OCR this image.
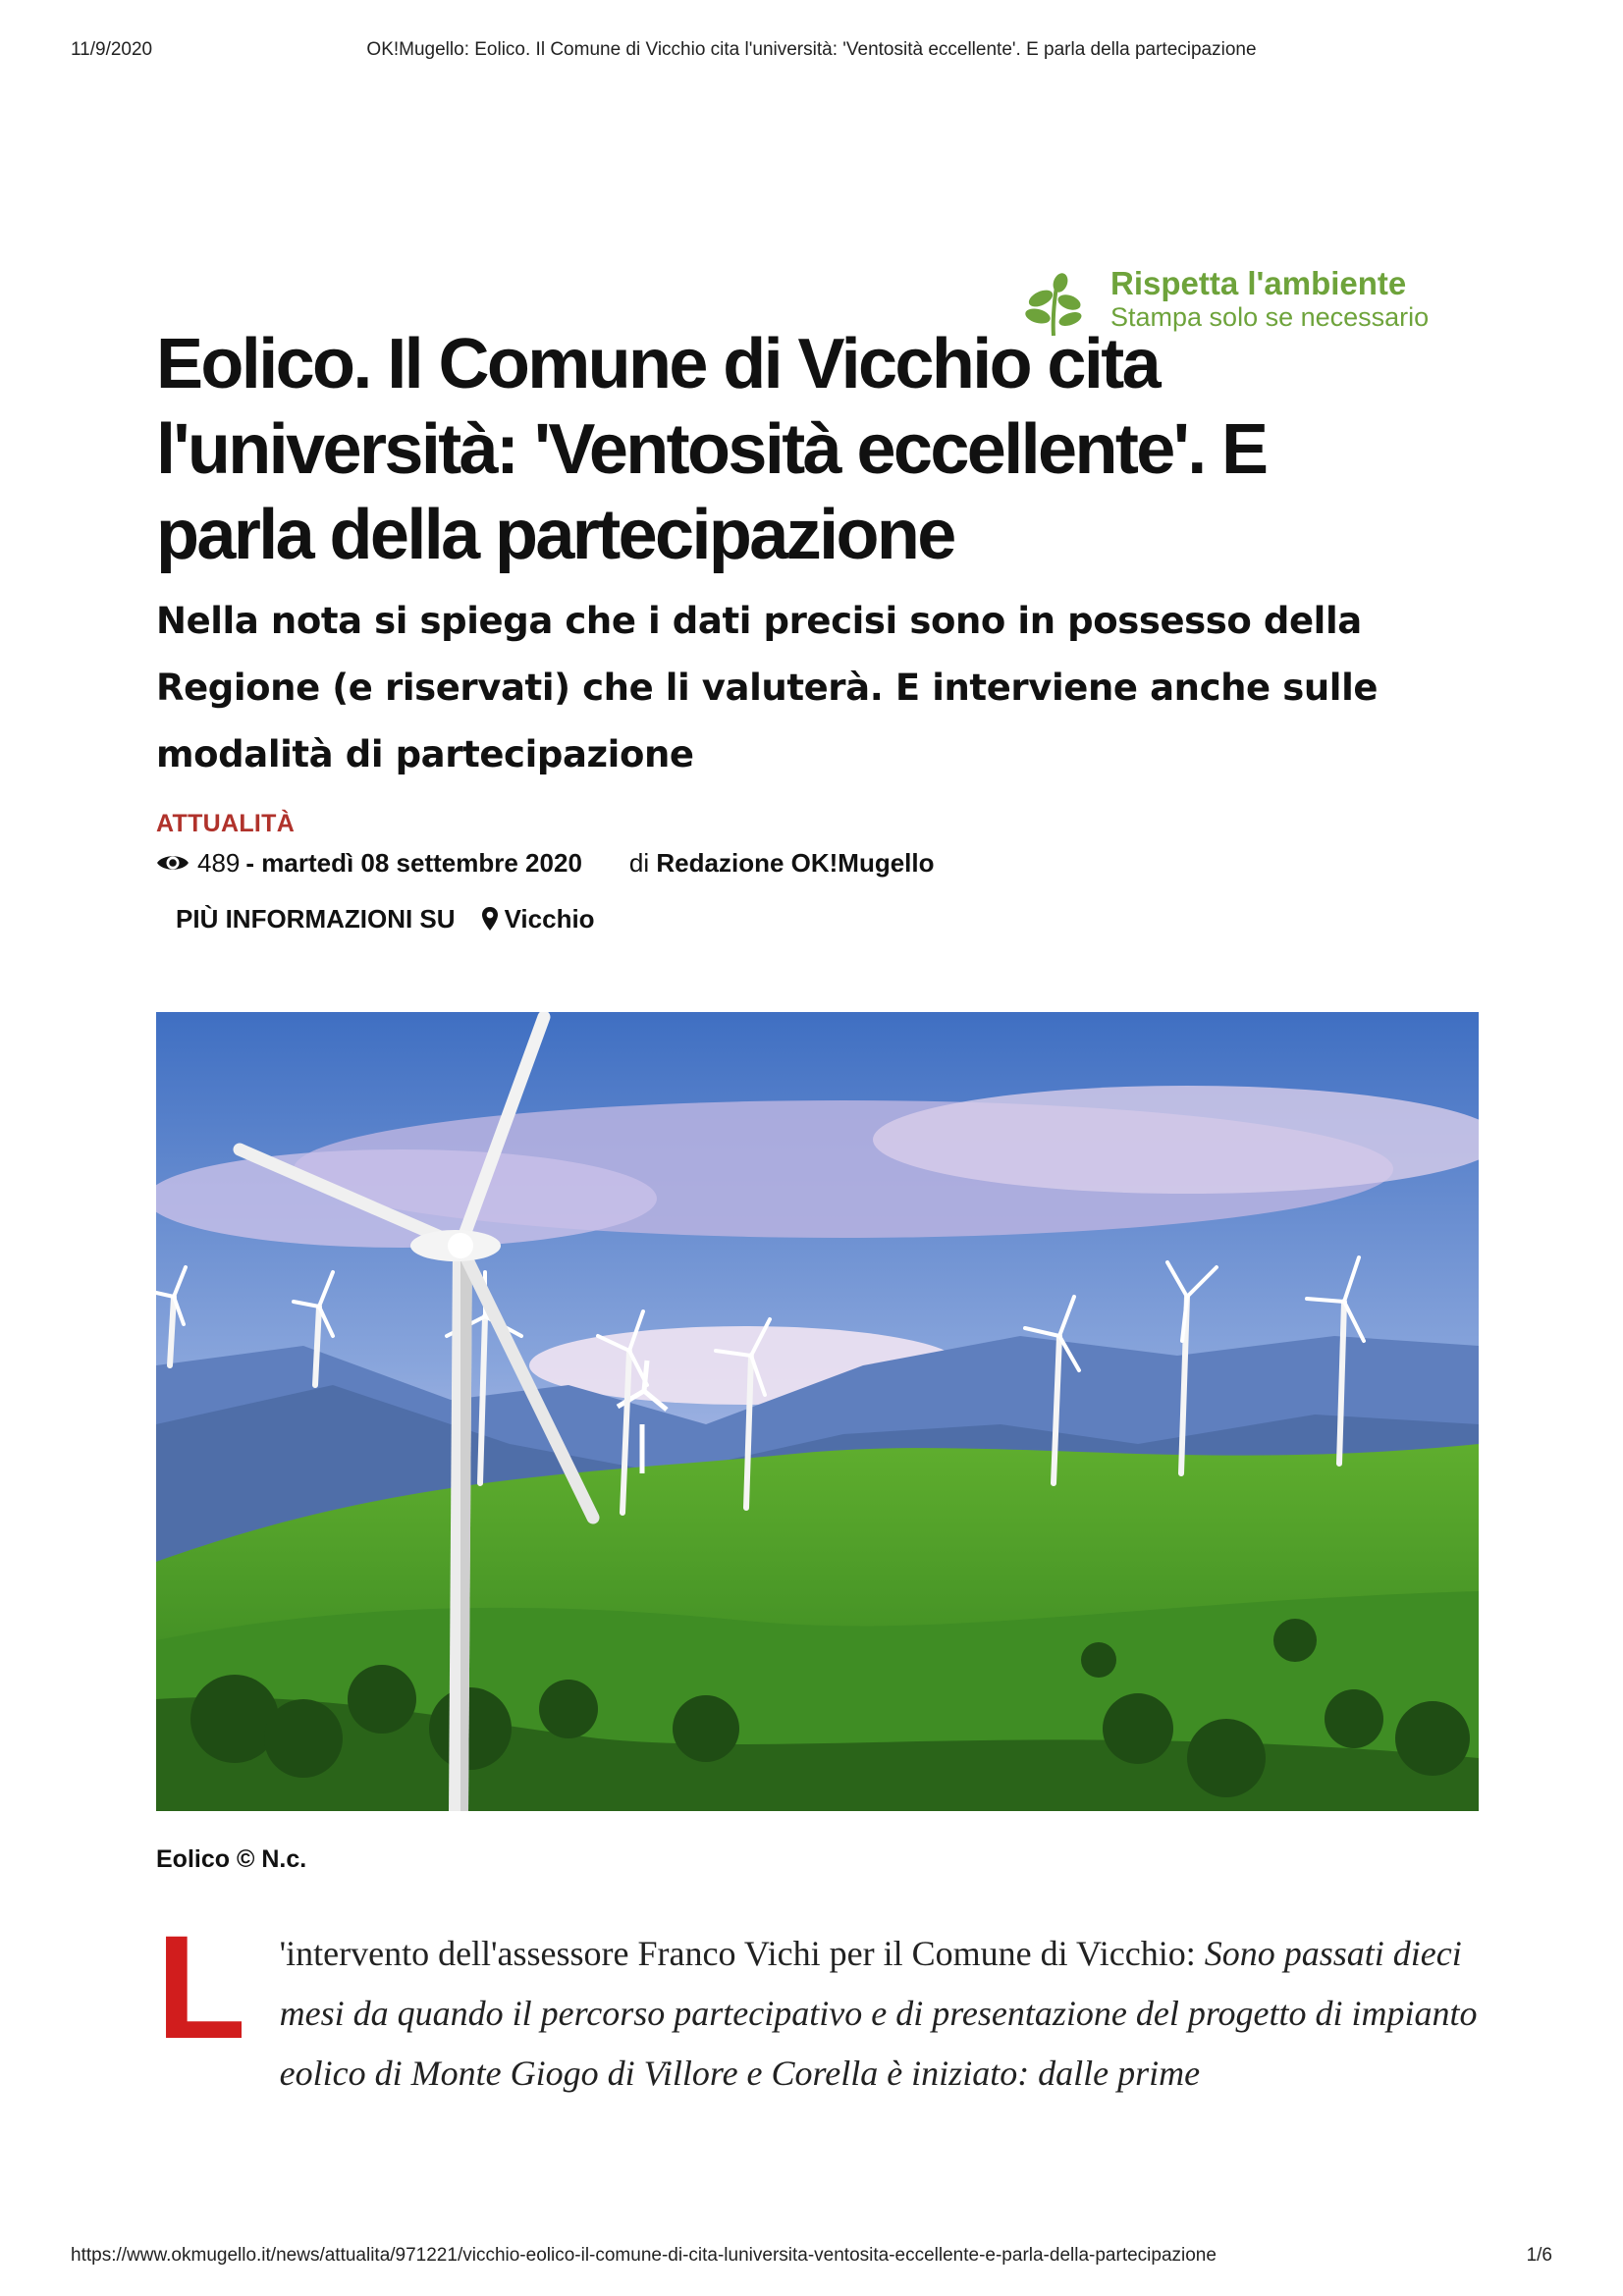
11/9/2020	OK!Mugello: Eolico. Il Comune di Vicchio cita l'università: 'Ventosità eccellente'. E parla della partecipazione
Rispetta l'ambiente
Stampa solo se necessario
Eolico. Il Comune di Vicchio cita l'università: 'Ventosità eccellente'. E parla della partecipazione
Nella nota si spiega che i dati precisi sono in possesso della Regione (e riservati) che li valuterà. E interviene anche sulle modalità di partecipazione
ATTUALITÀ
489 - martedì 08 settembre 2020 di Redazione OK!Mugello
PIÙ INFORMAZIONI SU Vicchio
Eolico © N.c.
L 'intervento dell'assessore Franco Vichi per il Comune di Vicchio: Sono passati dieci mesi da quando il percorso partecipativo e di presentazione del progetto di impianto eolico di Monte Giogo di Villore e Corella è iniziato: dalle prime
https://www.okmugello.it/news/attualita/971221/vicchio-eolico-il-comune-di-cita-luniversita-ventosita-eccellente-e-parla-della-partecipazione	1/6
